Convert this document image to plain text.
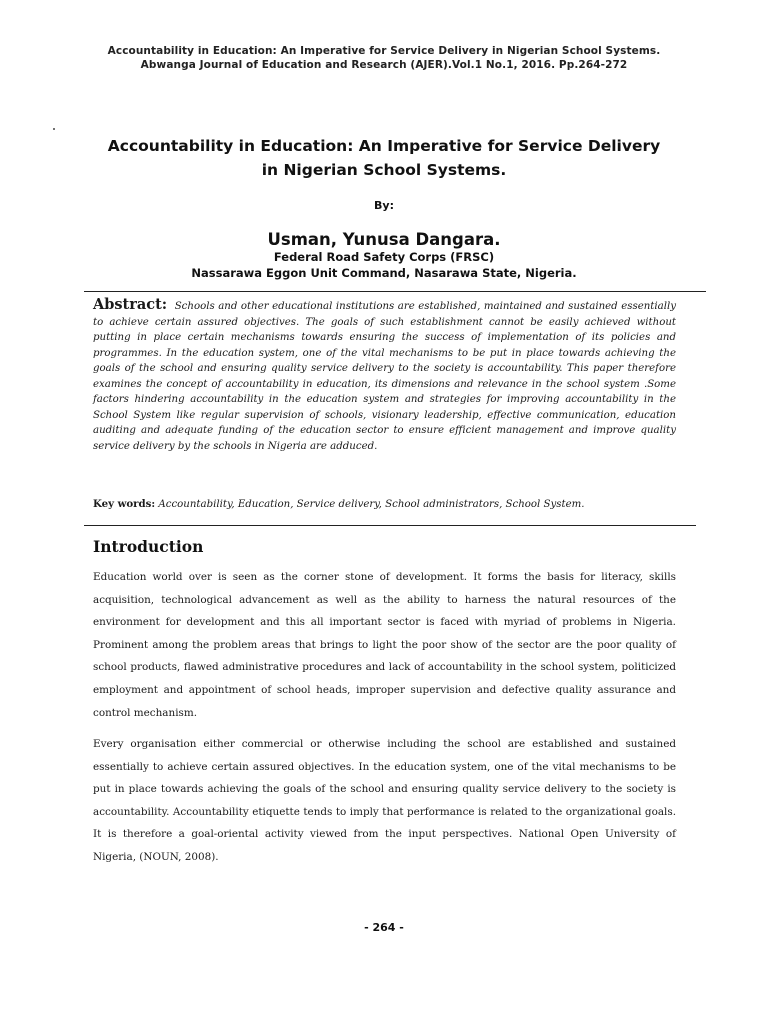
Accountability in Education: An Imperative for Service Delivery in Nigerian School Systems.
Abwanga Journal of Education and Research (AJER).Vol.1 No.1, 2016. Pp.264-272
Accountability in Education: An Imperative for Service Delivery
in Nigerian School Systems.
By:
Usman, Yunusa Dangara.
Federal Road Safety Corps (FRSC)
Nassarawa Eggon Unit Command, Nasarawa State, Nigeria.
Abstract: Schools and other educational institutions are established, maintained and sustained essentially to achieve certain assured objectives. The goals of such establishment cannot be easily achieved without putting in place certain mechanisms towards ensuring the success of implementation of its policies and programmes. In the education system, one of the vital mechanisms to be put in place towards achieving the goals of the school and ensuring quality service delivery to the society is accountability. This paper therefore examines the concept of accountability in education, its dimensions and relevance in the school system .Some factors hindering accountability in the education system and strategies for improving accountability in the School System like regular supervision of schools, visionary leadership, effective communication, education auditing and adequate funding of the education sector to ensure efficient management and improve quality service delivery by the schools in Nigeria are adduced.
Key words: Accountability, Education, Service delivery, School administrators, School System.
Introduction
Education world over is seen as the corner stone of development. It forms the basis for literacy, skills acquisition, technological advancement as well as the ability to harness the natural resources of the environment for development and this all important sector is faced with myriad of problems in Nigeria. Prominent among the problem areas that brings to light the poor show of the sector are the poor quality of school products, flawed administrative procedures and lack of accountability in the school system, politicized employment and appointment of school heads, improper supervision and defective quality assurance and control mechanism.
Every organisation either commercial or otherwise including the school are established and sustained essentially to achieve certain assured objectives. In the education system, one of the vital mechanisms to be put in place towards achieving the goals of the school and ensuring quality service delivery to the society is accountability. Accountability etiquette tends to imply that performance is related to the organizational goals. It is therefore a goal-oriental activity viewed from the input perspectives. National Open University of Nigeria, (NOUN, 2008).
- 264 -
